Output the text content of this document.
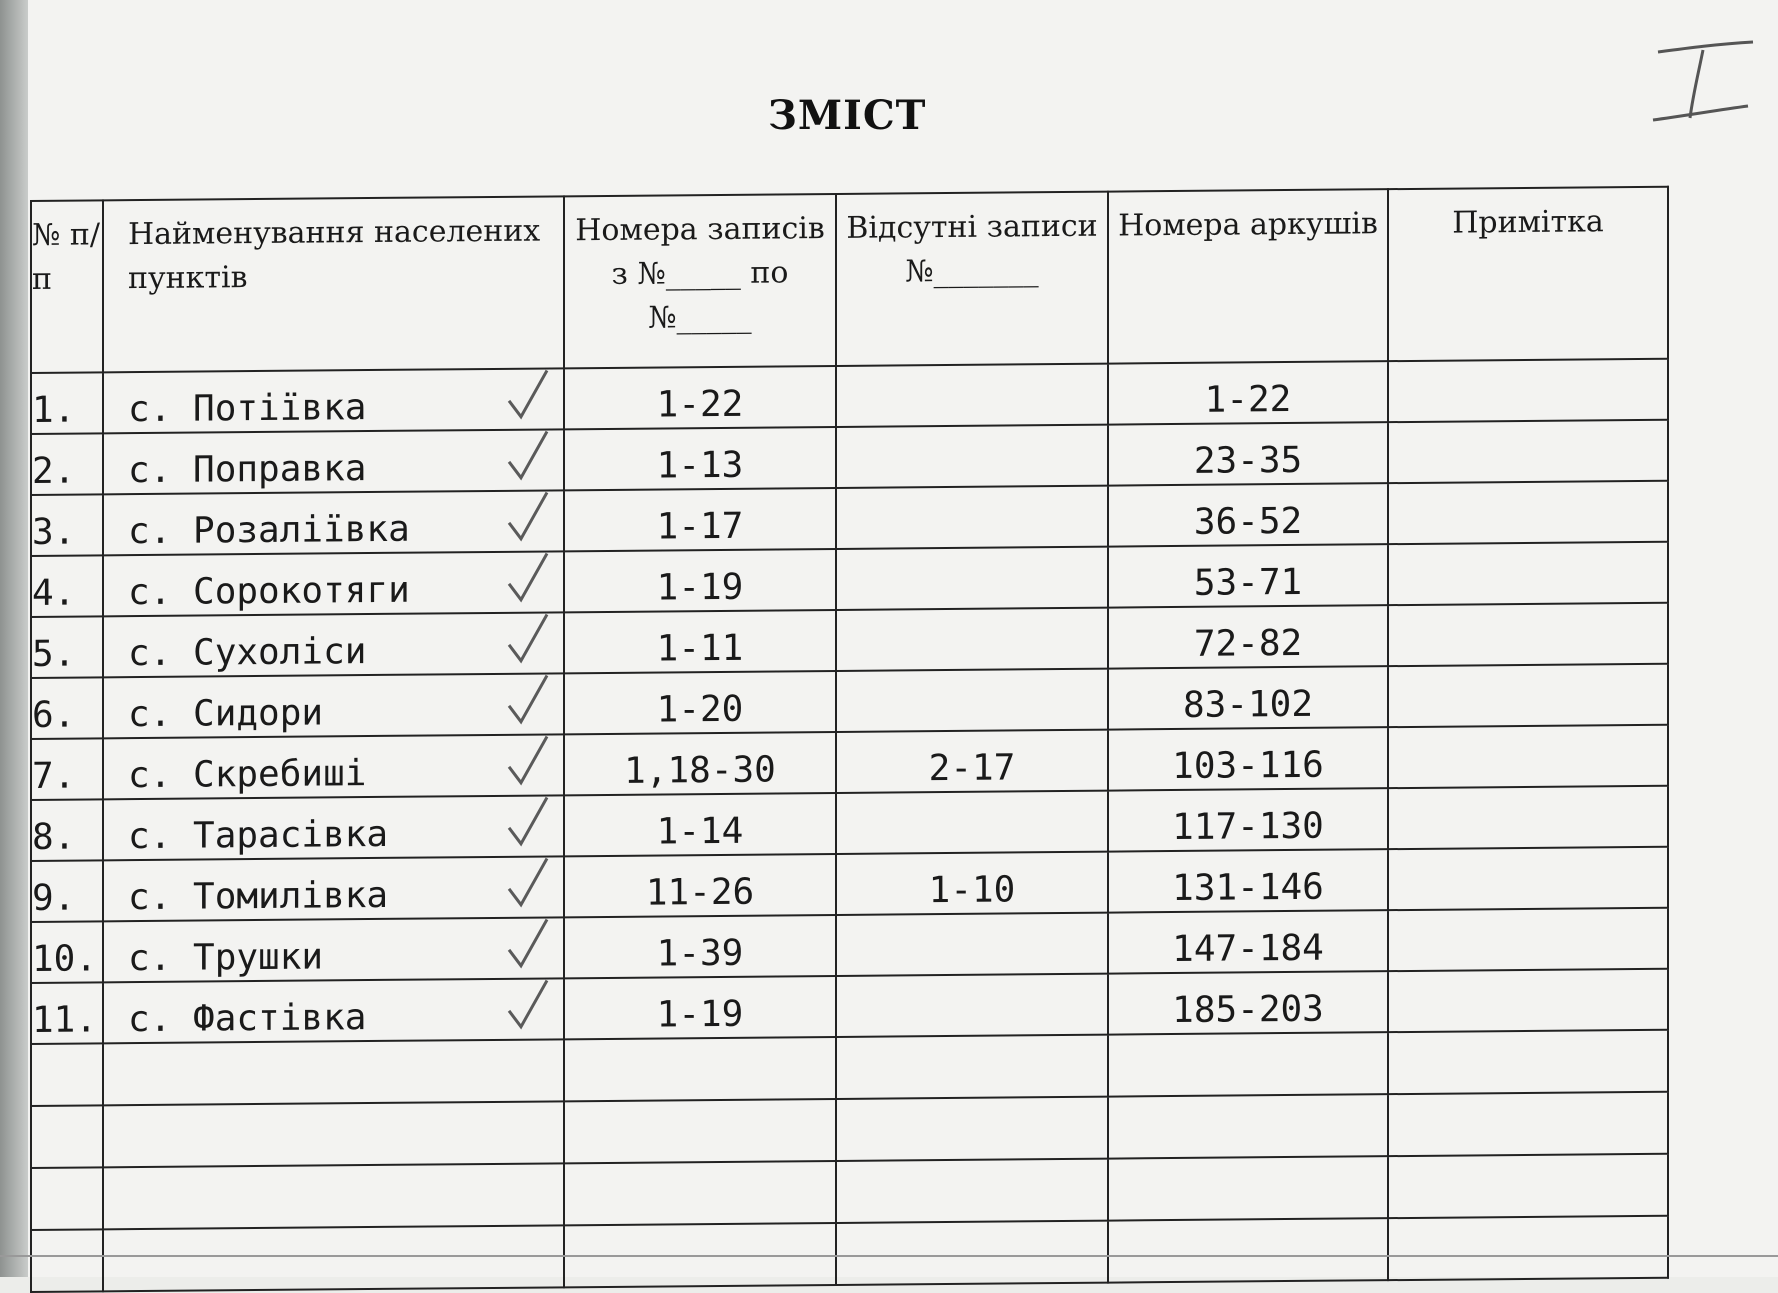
ЗМІСТ
№ п/п	Найменування населених пунктів	Номера записів з №_____ по №_____	Відсутні записи №_______	Номера аркушів	Примітка
1.	с. Потіївка	1-22		1-22	
2.	с. Поправка	1-13		23-35	
3.	с. Розаліївка	1-17		36-52	
4.	с. Сорокотяги	1-19		53-71	
5.	с. Сухоліси	1-11		72-82	
6.	с. Сидори	1-20		83-102	
7.	с. Скребиші	1,18-30	2-17	103-116	
8.	с. Тарасівка	1-14		117-130	
9.	с. Томилівка	11-26	1-10	131-146	
10.	с. Трушки	1-39		147-184	
11.	с. Фастівка	1-19		185-203	
